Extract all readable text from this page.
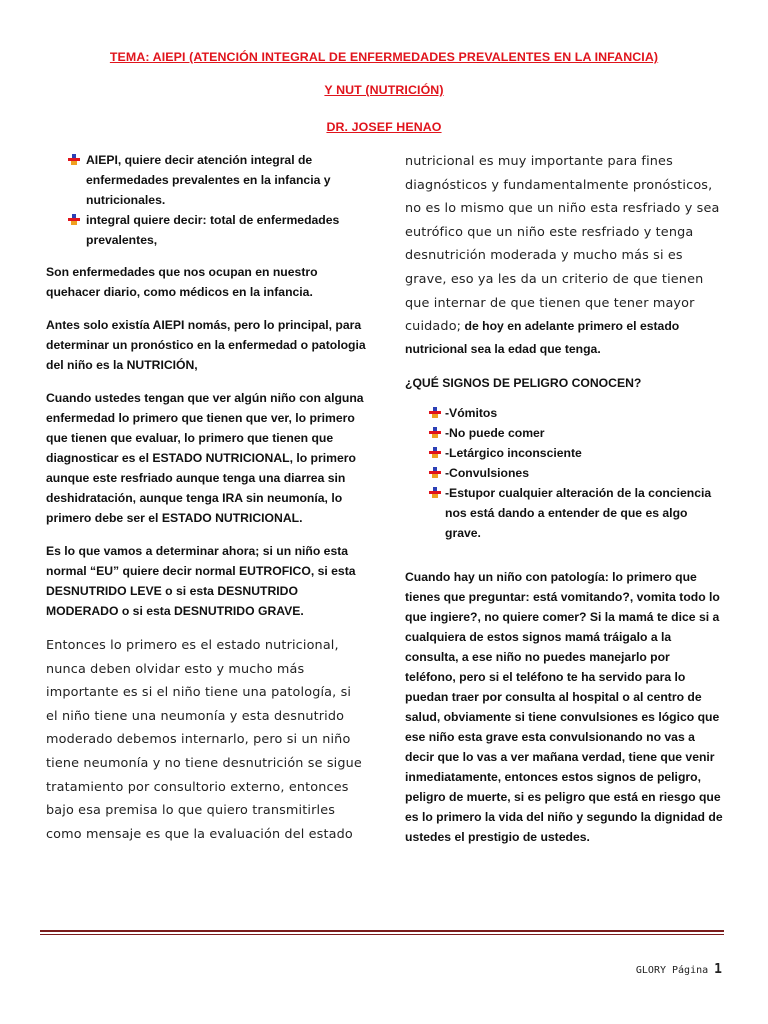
TEMA: AIEPI (ATENCIÓN INTEGRAL DE ENFERMEDADES PREVALENTES EN LA INFANCIA)
Y NUT (NUTRICIÓN)
DR. JOSEF HENAO
AIEPI, quiere decir atención integral de enfermedades prevalentes en la infancia y nutricionales.
integral quiere decir: total de enfermedades prevalentes,

Son enfermedades que nos ocupan en nuestro quehacer diario, como médicos en la infancia.

Antes solo existía AIEPI nomás, pero lo principal, para determinar un pronóstico en la enfermedad o patologia del niño es la NUTRICIÓN,

Cuando ustedes tengan que ver algún niño con alguna enfermedad lo primero que tienen que ver, lo primero que tienen que evaluar, lo primero que tienen que diagnosticar es el ESTADO NUTRICIONAL, lo primero aunque este resfriado aunque tenga una diarrea sin deshidratación, aunque tenga IRA sin neumonía, lo primero debe ser el ESTADO NUTRICIONAL.

Es lo que vamos a determinar ahora; si un niño esta normal “EU” quiere decir normal EUTROFICO, si esta DESNUTRIDO LEVE o si esta DESNUTRIDO MODERADO o si esta DESNUTRIDO GRAVE.

Entonces lo primero es el estado nutricional, nunca deben olvidar esto y mucho más importante es si el niño tiene una patología, si el niño tiene una neumonía y esta desnutrido moderado debemos internarlo, pero si un niño tiene neumonía y no tiene desnutrición se sigue tratamiento por consultorio externo, entonces bajo esa premisa lo que quiero transmitirles como mensaje es que la evaluación del estado

nutricional es muy importante para fines diagnósticos y fundamentalmente pronósticos, no es lo mismo que un niño esta resfriado y sea eutrófico que un niño este resfriado y tenga desnutrición moderada y mucho más si es grave, eso ya les da un criterio de que tienen que internar de que tienen que tener mayor cuidado; de hoy en adelante primero el estado nutricional sea la edad que tenga.

¿QUÉ SIGNOS DE PELIGRO CONOCEN?

-Vómitos
-No puede comer
-Letárgico inconsciente
-Convulsiones
-Estupor cualquier alteración de la conciencia nos está dando a entender de que es algo grave.

Cuando hay un niño con patología: lo primero que tienes que preguntar: está vomitando?, vomita todo lo que ingiere?, no quiere comer? Si la mamá te dice si a cualquiera de estos signos mamá tráigalo a la consulta, a ese niño no puedes manejarlo por teléfono, pero si el teléfono te ha servido para lo puedan traer por consulta al hospital o al centro de salud, obviamente si tiene convulsiones es lógico que ese niño esta grave esta convulsionando no vas a decir que lo vas a ver mañana verdad, tiene que venir inmediatamente, entonces estos signos de peligro, peligro de muerte, si es peligro que está en riesgo que es lo primero la vida del niño y segundo la dignidad de ustedes el prestigio de ustedes.

GLORY Página 1
